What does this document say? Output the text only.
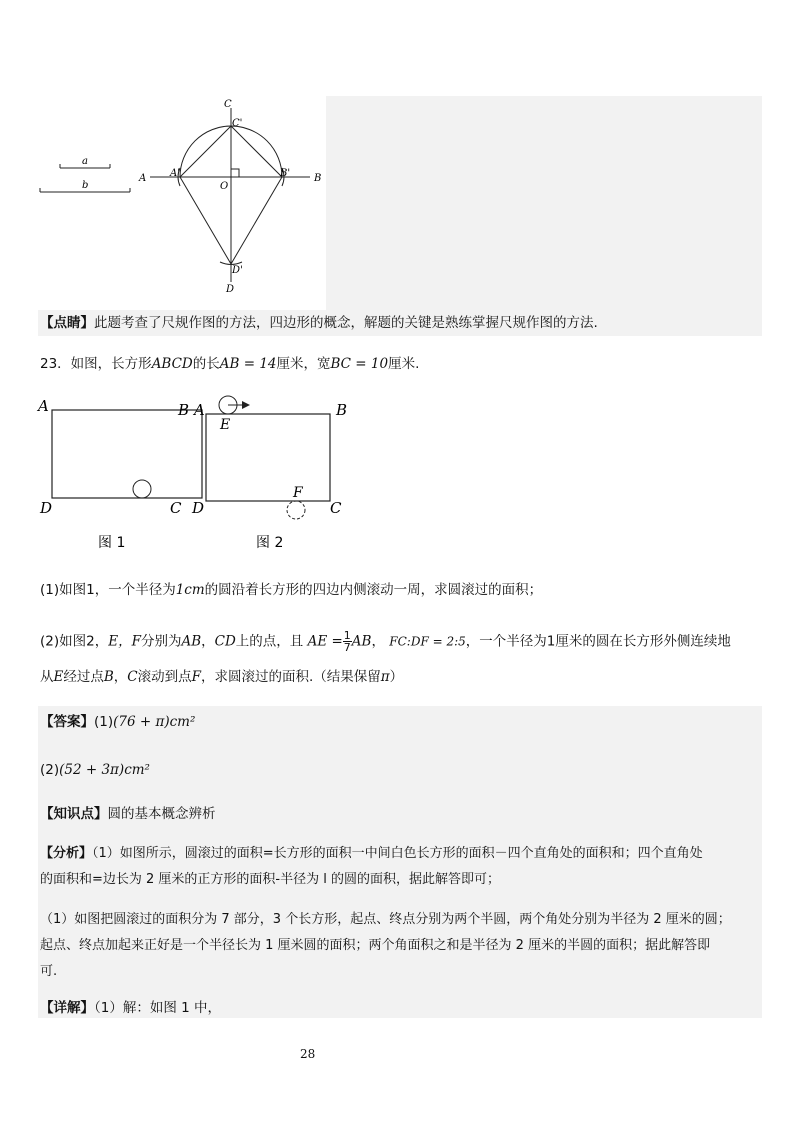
a
b
C
C'
A A'
O
B' B
D'
D
【点睛】此题考查了尺规作图的方法，四边形的概念，解题的关键是熟练掌握尺规作图的方法.
23．如图，长方形ABCD的长AB = 14厘米，宽BC = 10厘米.
A	B
D	C
图 1
A
E
B
F
D	C
图 2
(1)如图1，一个半径为1cm的圆沿着长方形的四边内侧滚动一周，求圆滚过的面积；
(2)如图2，E，F分别为AB，CD上的点，且 AE = $\frac{1}{7}$ AB， FC:DF = 2:5，一个半径为1厘米的圆在长方形外侧连续地
从E经过点B，C滚动到点F，求圆滚过的面积.（结果保留π）
【答案】(1)(76 + π)cm²
(2)(52 + 3π)cm²
【知识点】圆的基本概念辨析
【分析】（1）如图所示，圆滚过的面积=长方形的面积一中间白色长方形的面积－四个直角处的面积和；四个直角处
的面积和=边长为 2 厘米的正方形的面积-半径为 l 的圆的面积，据此解答即可；
（1）如图把圆滚过的面积分为 7 部分，3 个长方形，起点、终点分别为两个半圆，两个角处分别为半径为 2 厘米的圆；
起点、终点加起来正好是一个半径长为 1 厘米圆的面积；两个角面积之和是半径为 2 厘米的半圆的面积；据此解答即
可.
【详解】（1）解：如图 1 中，
28
